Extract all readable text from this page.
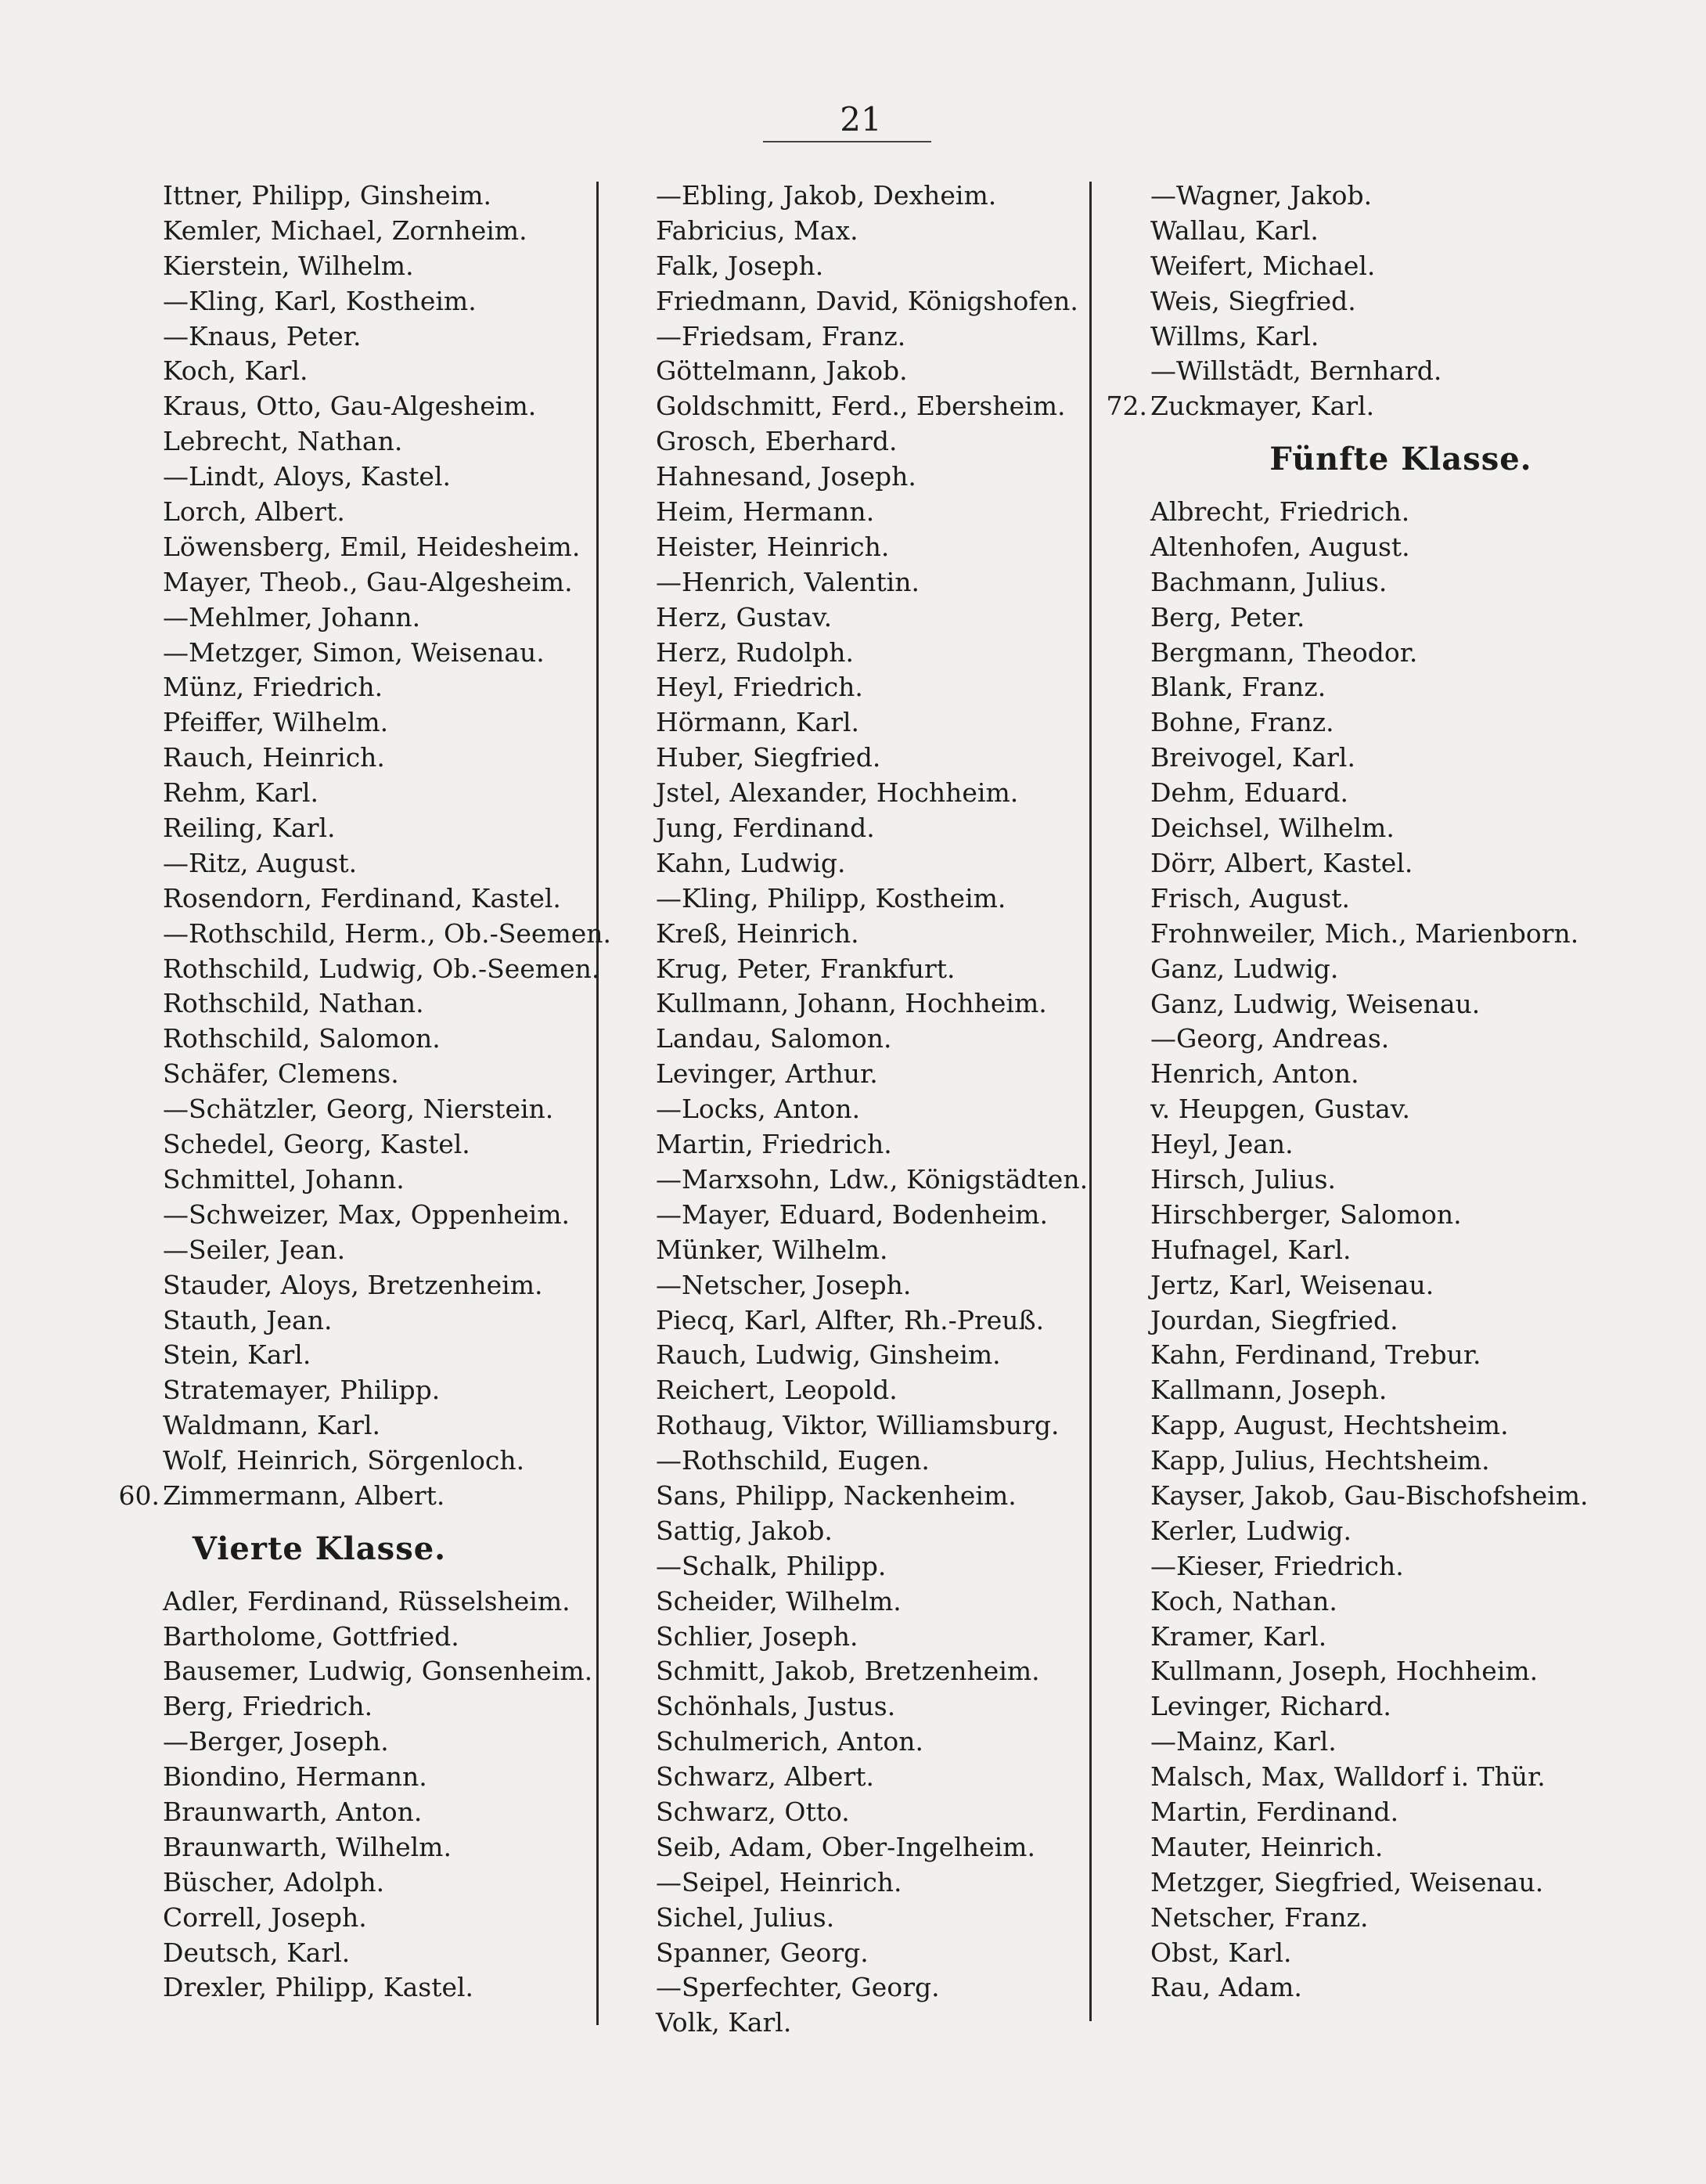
21
Ittner, Philipp, Ginsheim.
Kemler, Michael, Zornheim.
Kierstein, Wilhelm.
—Kling, Karl, Kostheim.
—Knaus, Peter.
Koch, Karl.
Kraus, Otto, Gau-Algesheim.
Lebrecht, Nathan.
—Lindt, Aloys, Kastel.
Lorch, Albert.
Löwensberg, Emil, Heidesheim.
Mayer, Theob., Gau-Algesheim.
—Mehlmer, Johann.
—Metzger, Simon, Weisenau.
Münz, Friedrich.
Pfeiffer, Wilhelm.
Rauch, Heinrich.
Rehm, Karl.
Reiling, Karl.
—Ritz, August.
Rosendorn, Ferdinand, Kastel.
—Rothschild, Herm., Ob.-Seemen.
Rothschild, Ludwig, Ob.-Seemen.
Rothschild, Nathan.
Rothschild, Salomon.
Schäfer, Clemens.
—Schätzler, Georg, Nierstein.
Schedel, Georg, Kastel.
Schmittel, Johann.
—Schweizer, Max, Oppenheim.
—Seiler, Jean.
Stauder, Aloys, Bretzenheim.
Stauth, Jean.
Stein, Karl.
Stratemayer, Philipp.
Waldmann, Karl.
Wolf, Heinrich, Sörgenloch.
60. Zimmermann, Albert.
Vierte Klasse.
Adler, Ferdinand, Rüsselsheim.
Bartholome, Gottfried.
Bausemer, Ludwig, Gonsenheim.
Berg, Friedrich.
—Berger, Joseph.
Biondino, Hermann.
Braunwarth, Anton.
Braunwarth, Wilhelm.
Büscher, Adolph.
Correll, Joseph.
Deutsch, Karl.
Drexler, Philipp, Kastel.
—Ebling, Jakob, Dexheim.
Fabricius, Max.
Falk, Joseph.
Friedmann, David, Königshofen.
—Friedsam, Franz.
Göttelmann, Jakob.
Goldschmitt, Ferd., Ebersheim.
Grosch, Eberhard.
Hahnesand, Joseph.
Heim, Hermann.
Heister, Heinrich.
—Henrich, Valentin.
Herz, Gustav.
Herz, Rudolph.
Heyl, Friedrich.
Hörmann, Karl.
Huber, Siegfried.
Jstel, Alexander, Hochheim.
Jung, Ferdinand.
Kahn, Ludwig.
—Kling, Philipp, Kostheim.
Kreß, Heinrich.
Krug, Peter, Frankfurt.
Kullmann, Johann, Hochheim.
Landau, Salomon.
Levinger, Arthur.
—Locks, Anton.
Martin, Friedrich.
—Marxsohn, Ldw., Königstädten.
—Mayer, Eduard, Bodenheim.
Münker, Wilhelm.
—Netscher, Joseph.
Piecq, Karl, Alfter, Rh.-Preuß.
Rauch, Ludwig, Ginsheim.
Reichert, Leopold.
Rothaug, Viktor, Williamsburg.
—Rothschild, Eugen.
Sans, Philipp, Nackenheim.
Sattig, Jakob.
—Schalk, Philipp.
Scheider, Wilhelm.
Schlier, Joseph.
Schmitt, Jakob, Bretzenheim.
Schönhals, Justus.
Schulmerich, Anton.
Schwarz, Albert.
Schwarz, Otto.
Seib, Adam, Ober-Ingelheim.
—Seipel, Heinrich.
Sichel, Julius.
Spanner, Georg.
—Sperfechter, Georg.
Volk, Karl.
—Wagner, Jakob.
Wallau, Karl.
Weifert, Michael.
Weis, Siegfried.
Willms, Karl.
—Willstädt, Bernhard.
72. Zuckmayer, Karl.
Fünfte Klasse.
Albrecht, Friedrich.
Altenhofen, August.
Bachmann, Julius.
Berg, Peter.
Bergmann, Theodor.
Blank, Franz.
Bohne, Franz.
Breivogel, Karl.
Dehm, Eduard.
Deichsel, Wilhelm.
Dörr, Albert, Kastel.
Frisch, August.
Frohnweiler, Mich., Marienborn.
Ganz, Ludwig.
Ganz, Ludwig, Weisenau.
—Georg, Andreas.
Henrich, Anton.
v. Heupgen, Gustav.
Heyl, Jean.
Hirsch, Julius.
Hirschberger, Salomon.
Hufnagel, Karl.
Jertz, Karl, Weisenau.
Jourdan, Siegfried.
Kahn, Ferdinand, Trebur.
Kallmann, Joseph.
Kapp, August, Hechtsheim.
Kapp, Julius, Hechtsheim.
Kayser, Jakob, Gau-Bischofsheim.
Kerler, Ludwig.
—Kieser, Friedrich.
Koch, Nathan.
Kramer, Karl.
Kullmann, Joseph, Hochheim.
Levinger, Richard.
—Mainz, Karl.
Malsch, Max, Walldorf i. Thür.
Martin, Ferdinand.
Mauter, Heinrich.
Metzger, Siegfried, Weisenau.
Netscher, Franz.
Obst, Karl.
Rau, Adam.
